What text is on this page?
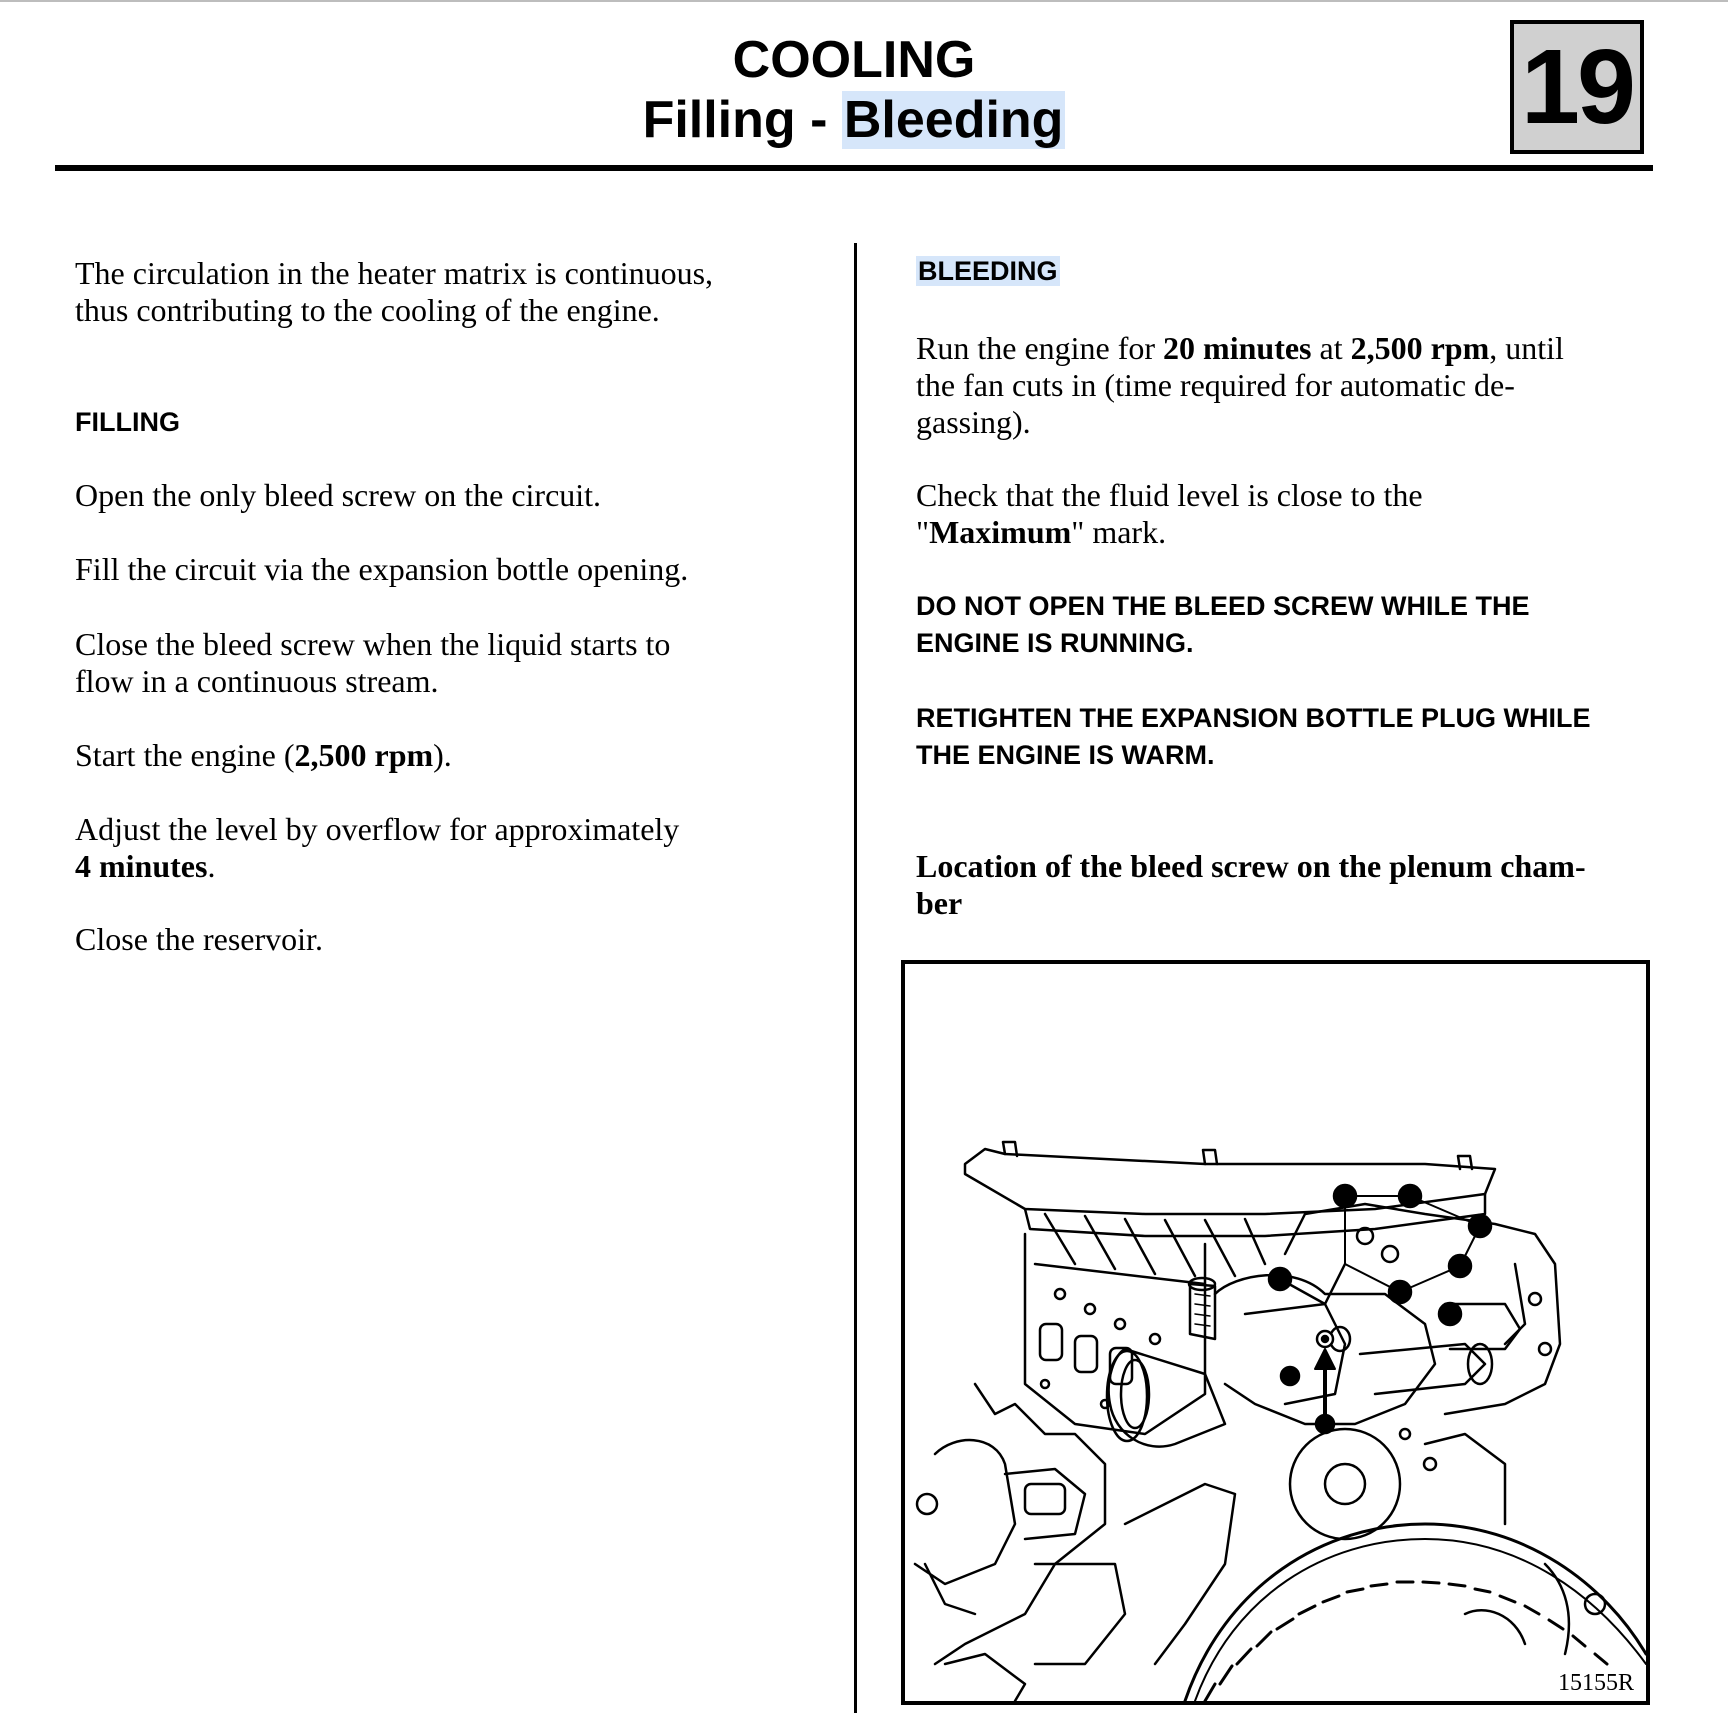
COOLING

Filling - Bleeding	19
The circulation in the heater matrix is continuous,
thus contributing to the cooling of the engine.
FILLING
Open the only bleed screw on the circuit.
Fill the circuit via the expansion bottle opening.
Close the bleed screw when the liquid starts to
flow in a continuous stream.
Start the engine (2,500 rpm).
Adjust the level by overflow for approximately
4 minutes.
Close the reservoir.
BLEEDING
Run the engine for 20 minutes at 2,500 rpm, until
the fan cuts in (time required for automatic de-
gassing).
Check that the fluid level is close to the
"Maximum" mark.
DO NOT OPEN THE BLEED SCREW WHILE THE
ENGINE IS RUNNING.
RETIGHTEN THE EXPANSION BOTTLE PLUG WHILE
THE ENGINE IS WARM.
Location of the bleed screw on the plenum cham-
ber
15155R
